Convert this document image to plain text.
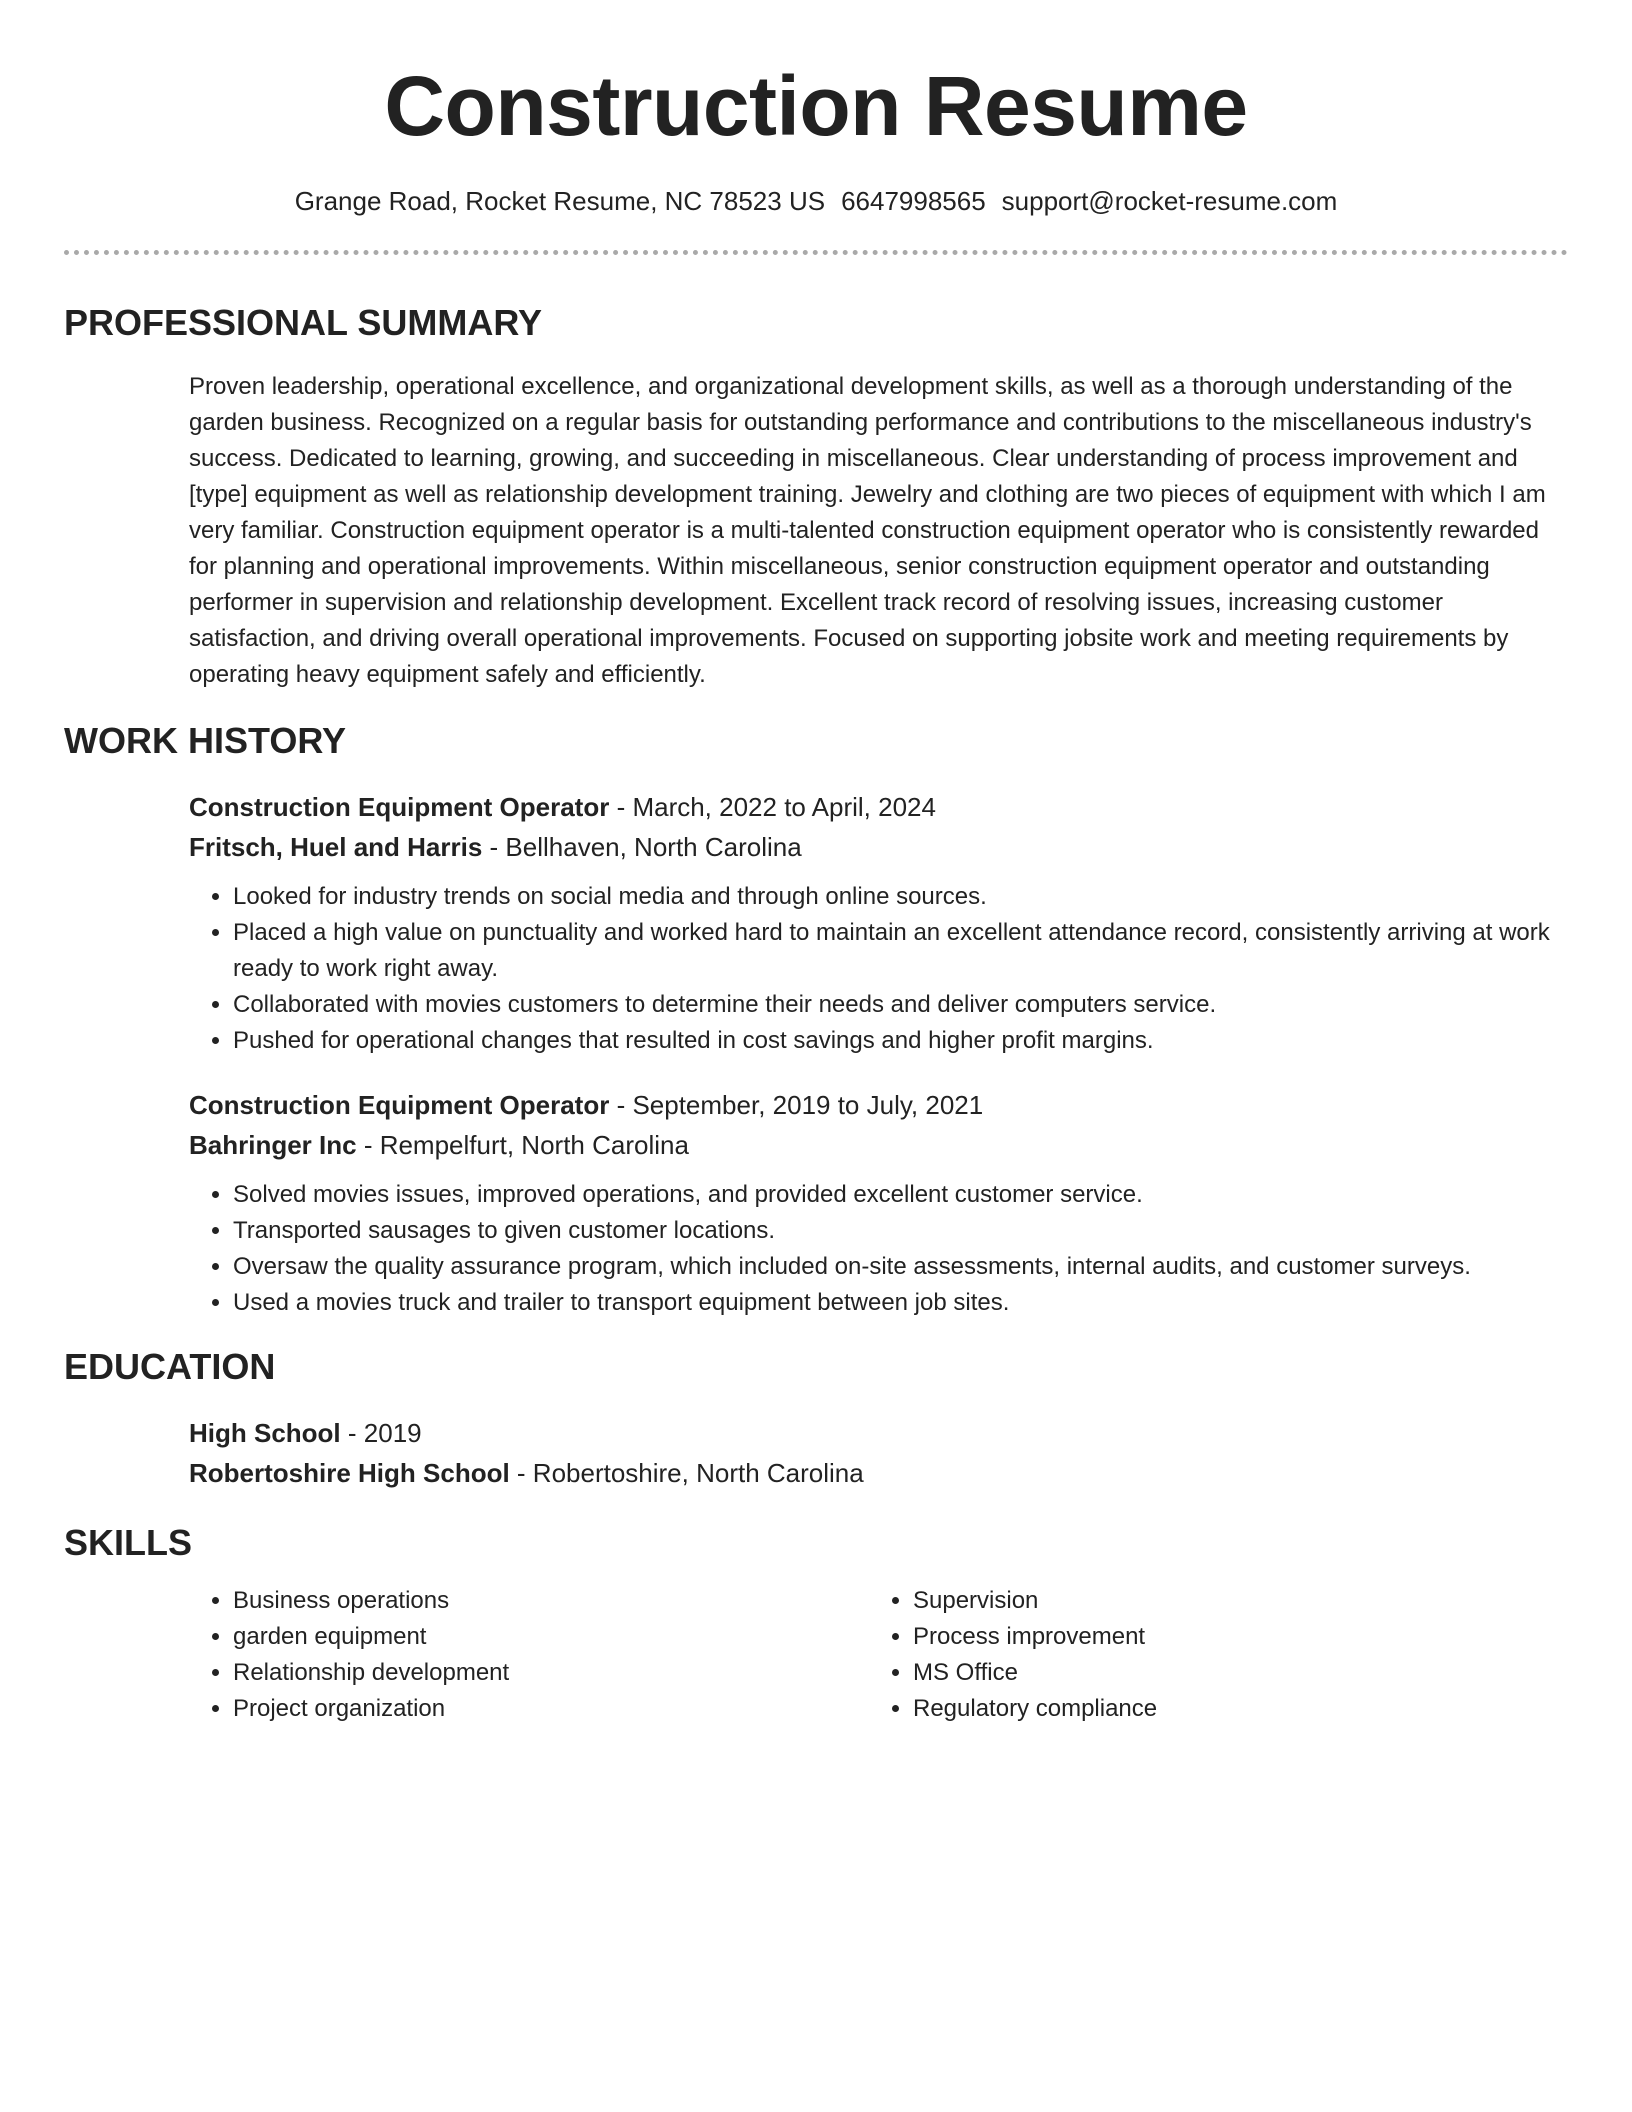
Construction Resume
Grange Road, Rocket Resume, NC 78523 US 6647998565 support@rocket-resume.com
PROFESSIONAL SUMMARY
Proven leadership, operational excellence, and organizational development skills, as well as a thorough understanding of the garden business. Recognized on a regular basis for outstanding performance and contributions to the miscellaneous industry's success. Dedicated to learning, growing, and succeeding in miscellaneous. Clear understanding of process improvement and [type] equipment as well as relationship development training. Jewelry and clothing are two pieces of equipment with which I am very familiar. Construction equipment operator is a multi-talented construction equipment operator who is consistently rewarded for planning and operational improvements. Within miscellaneous, senior construction equipment operator and outstanding performer in supervision and relationship development. Excellent track record of resolving issues, increasing customer satisfaction, and driving overall operational improvements. Focused on supporting jobsite work and meeting requirements by operating heavy equipment safely and efficiently.
WORK HISTORY
Construction Equipment Operator - March, 2022 to April, 2024
Fritsch, Huel and Harris - Bellhaven, North Carolina
• Looked for industry trends on social media and through online sources.
• Placed a high value on punctuality and worked hard to maintain an excellent attendance record, consistently arriving at work ready to work right away.
• Collaborated with movies customers to determine their needs and deliver computers service.
• Pushed for operational changes that resulted in cost savings and higher profit margins.
Construction Equipment Operator - September, 2019 to July, 2021
Bahringer Inc - Rempelfurt, North Carolina
• Solved movies issues, improved operations, and provided excellent customer service.
• Transported sausages to given customer locations.
• Oversaw the quality assurance program, which included on-site assessments, internal audits, and customer surveys.
• Used a movies truck and trailer to transport equipment between job sites.
EDUCATION
High School - 2019
Robertoshire High School - Robertoshire, North Carolina
SKILLS
• Business operations
• garden equipment
• Relationship development
• Project organization
• Supervision
• Process improvement
• MS Office
• Regulatory compliance
